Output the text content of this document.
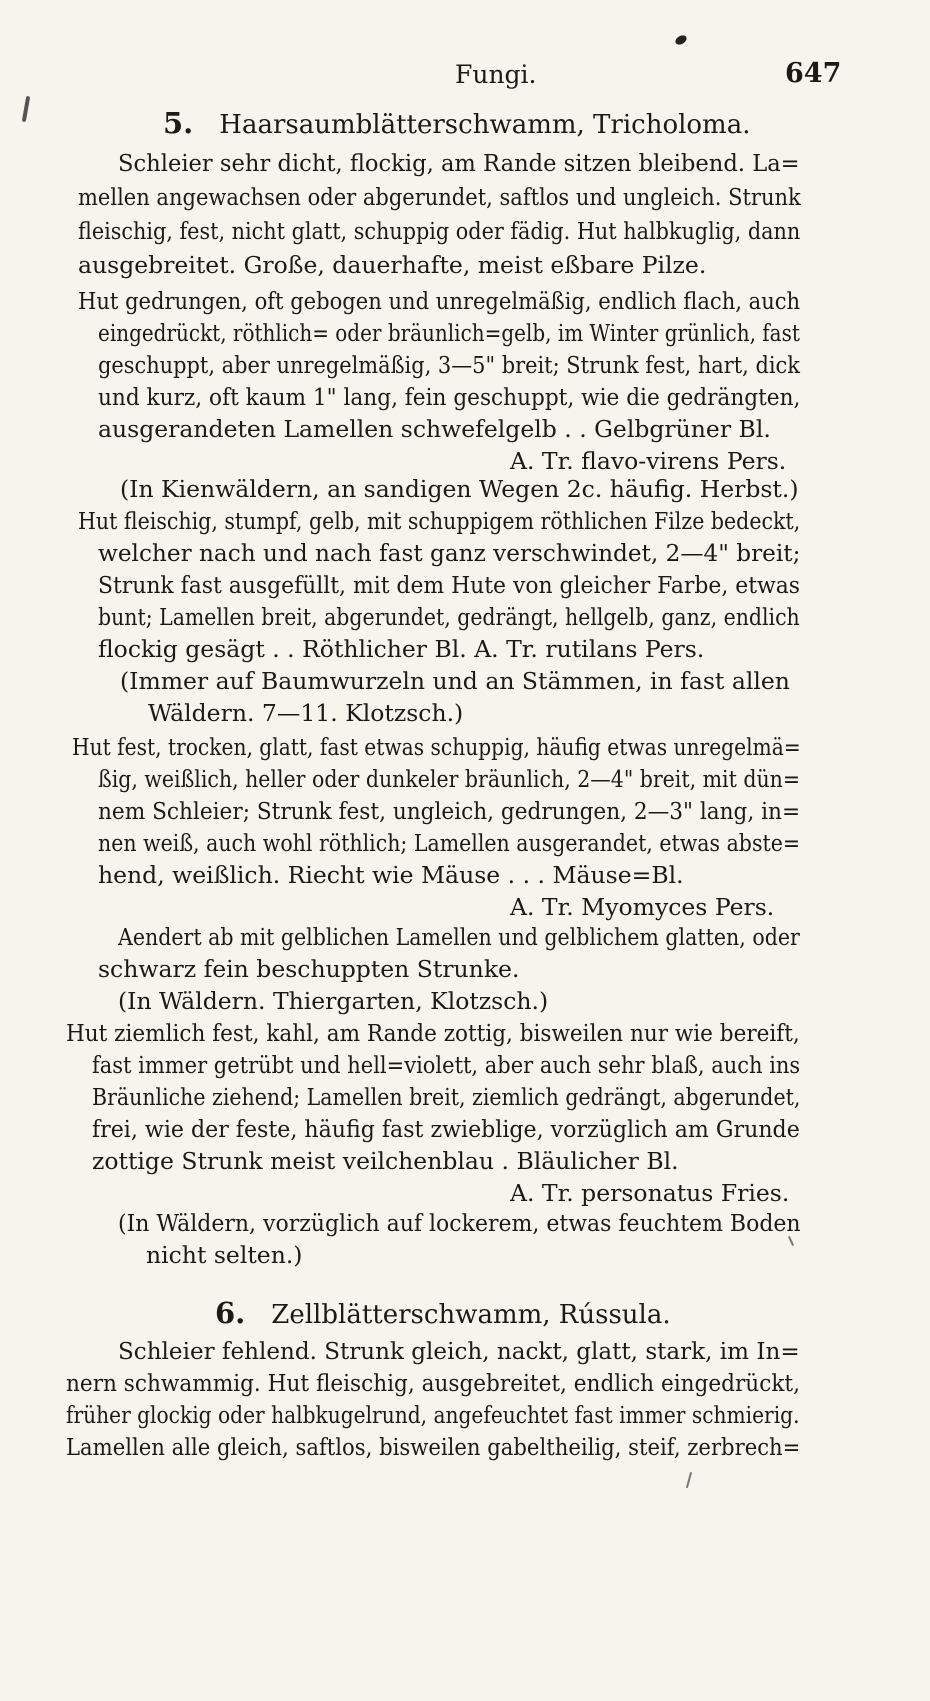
Fungi.	647
5. Haarsaumblätterschwamm, Tricholoma.
Schleier sehr dicht, flockig, am Rande sitzen bleibend. La=
mellen angewachsen oder abgerundet, saftlos und ungleich. Strunk
fleischig, fest, nicht glatt, schuppig oder fädig. Hut halbkuglig, dann
ausgebreitet. Große, dauerhafte, meist eßbare Pilze.
Hut gedrungen, oft gebogen und unregelmäßig, endlich flach, auch
eingedrückt, röthlich= oder bräunlich=gelb, im Winter grünlich, fast
geschuppt, aber unregelmäßig, 3—5" breit; Strunk fest, hart, dick
und kurz, oft kaum 1" lang, fein geschuppt, wie die gedrängten,
ausgerandeten Lamellen schwefelgelb . . Gelbgrüner Bl.
A. Tr. flavo-virens Pers.
(In Kienwäldern, an sandigen Wegen 2c. häufig. Herbst.)
Hut fleischig, stumpf, gelb, mit schuppigem röthlichen Filze bedeckt,
welcher nach und nach fast ganz verschwindet, 2—4" breit;
Strunk fast ausgefüllt, mit dem Hute von gleicher Farbe, etwas
bunt; Lamellen breit, abgerundet, gedrängt, hellgelb, ganz, endlich
flockig gesägt . . Röthlicher Bl. A. Tr. rutilans Pers.
(Immer auf Baumwurzeln und an Stämmen, in fast allen
Wäldern. 7—11. Klotzsch.)
Hut fest, trocken, glatt, fast etwas schuppig, häufig etwas unregelmä=
ßig, weißlich, heller oder dunkeler bräunlich, 2—4" breit, mit dün=
nem Schleier; Strunk fest, ungleich, gedrungen, 2—3" lang, in=
nen weiß, auch wohl röthlich; Lamellen ausgerandet, etwas abste=
hend, weißlich. Riecht wie Mäuse . . . Mäuse=Bl.
A. Tr. Myomyces Pers.
Aendert ab mit gelblichen Lamellen und gelblichem glatten, oder
schwarz fein beschuppten Strunke.
(In Wäldern. Thiergarten, Klotzsch.)
Hut ziemlich fest, kahl, am Rande zottig, bisweilen nur wie bereift,
fast immer getrübt und hell=violett, aber auch sehr blaß, auch ins
Bräunliche ziehend; Lamellen breit, ziemlich gedrängt, abgerundet,
frei, wie der feste, häufig fast zwieblige, vorzüglich am Grunde
zottige Strunk meist veilchenblau . Bläulicher Bl.
A. Tr. personatus Fries.
(In Wäldern, vorzüglich auf lockerem, etwas feuchtem Boden
nicht selten.)
6. Zellblätterschwamm, Rússula.
Schleier fehlend. Strunk gleich, nackt, glatt, stark, im In=
nern schwammig. Hut fleischig, ausgebreitet, endlich eingedrückt,
früher glockig oder halbkugelrund, angefeuchtet fast immer schmierig.
Lamellen alle gleich, saftlos, bisweilen gabeltheilig, steif, zerbrech=
